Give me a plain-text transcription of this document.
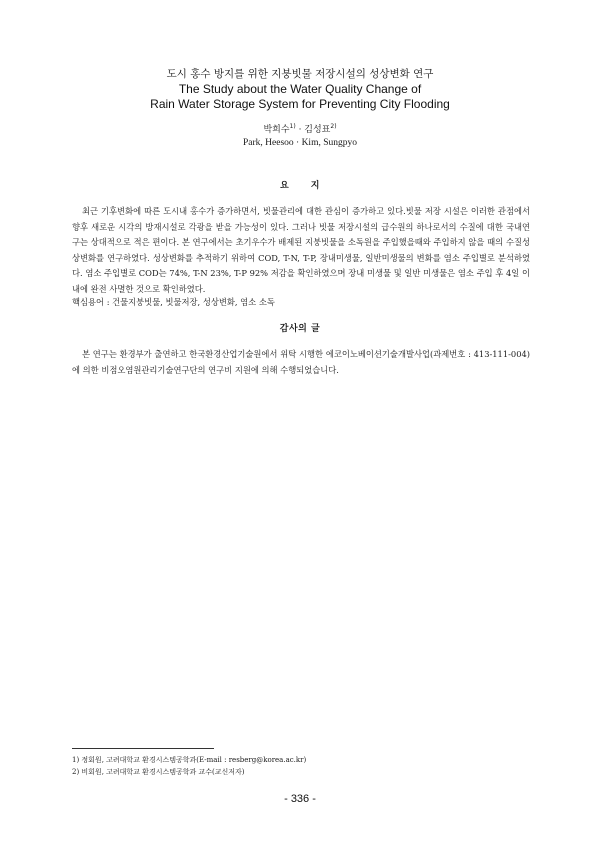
도시 홍수 방지를 위한 지붕빗물 저장시설의 성상변화 연구
The Study about the Water Quality Change of
Rain Water Storage System for Preventing City Flooding
박희수$^{1)}$ · 김성표$^{2)}$
Park, Heesoo · Kim, Sungpyo
요 지
최근 기후변화에 따른 도시내 홍수가 증가하면서, 빗물관리에 대한 관심이 증가하고 있다.빗물 저장 시설은 이러한 관점에서 향후 새로운 시각의 방재시설로 각광을 받을 가능성이 있다. 그러나 빗물 저장시설의 급수원의 하나로서의 수질에 대한 국내연구는 상대적으로 적은 편이다. 본 연구에서는 초기우수가 배제된 지붕빗물을 소독원을 주입했을때와 주입하지 않을 때의 수질성상변화를 연구하였다. 성상변화를 추적하기 위하여 COD, T-N, T-P, 장내미생물, 일반미생물의 변화를 염소 주입별로 분석하였다. 염소 주입별로 COD는 74%, T-N 23%, T-P 92% 저감을 확인하였으며 장내 미생물 및 일반 미생물은 염소 주입 후 4일 이내에 완전 사멸한 것으로 확인하였다.
핵심용어 : 건물지붕빗물, 빗물저장, 성상변화, 염소 소독
감사의 글
본 연구는 환경부가 출연하고 한국환경산업기술원에서 위탁 시행한 에코이노베이션기술개발사업(과제번호 : 413-111-004)에 의한 비점오염원관리기술연구단의 연구비 지원에 의해 수행되었습니다.
1) 정회원, 고려대학교 환경시스템공학과(E-mail : resberg@korea.ac.kr)
2) 비회원, 고려대학교 환경시스템공학과 교수(교신저자)
- 336 -
